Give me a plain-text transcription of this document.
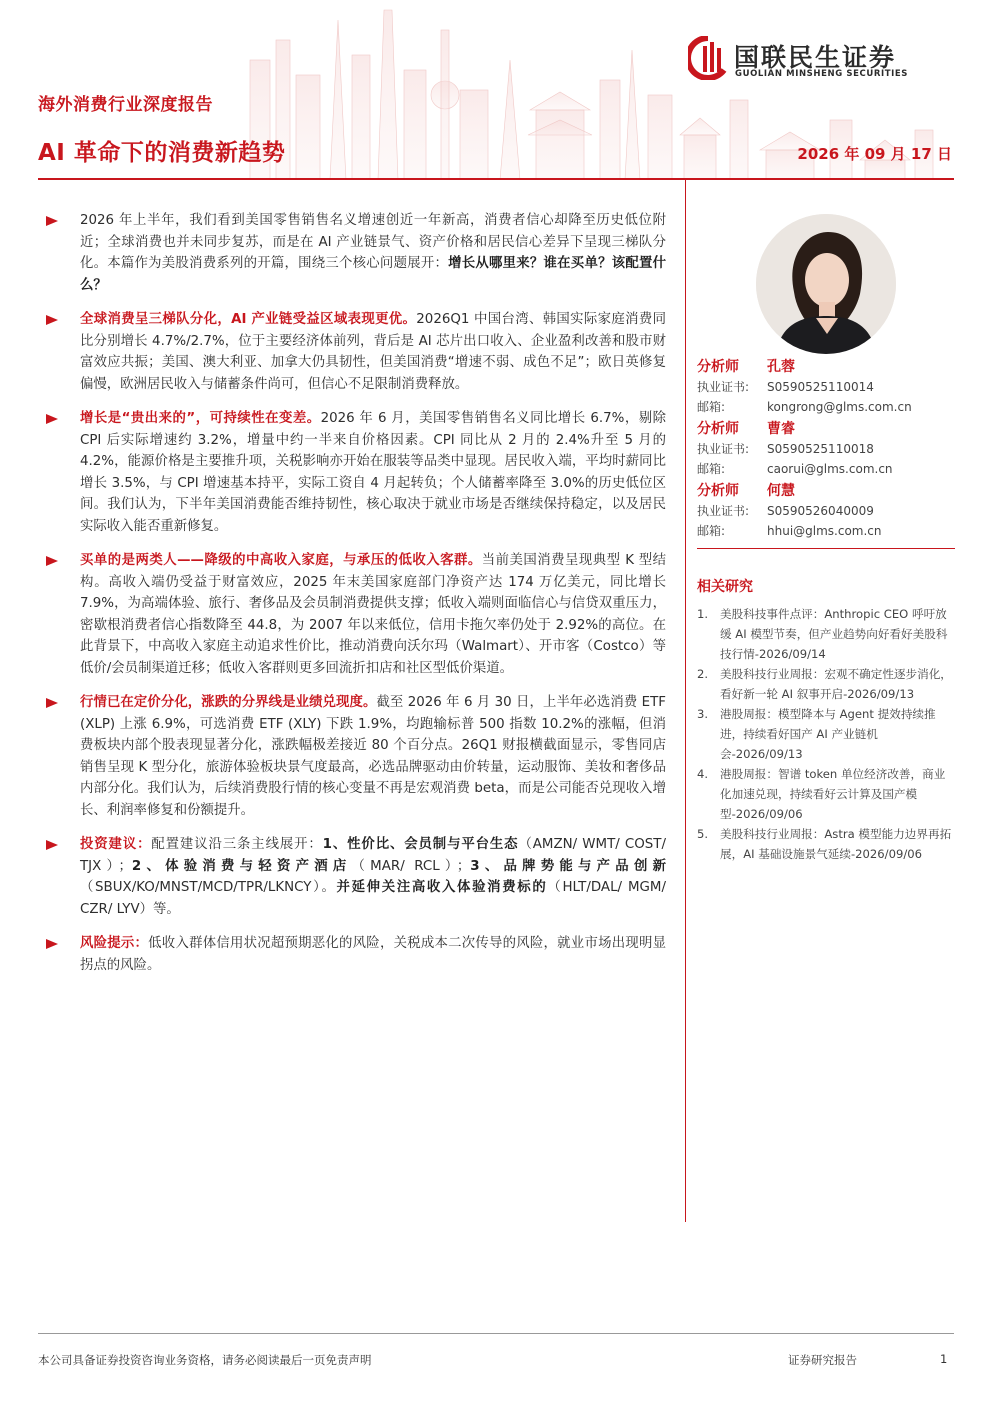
国联民生证券
GUOLIAN MINSHENG SECURITIES
海外消费行业深度报告
AI 革命下的消费新趋势	2026 年 09 月 17 日
2026 年上半年，我们看到美国零售销售名义增速创近一年新高，消费者信心却降至历史低位附近；全球消费也并未同步复苏，而是在 AI 产业链景气、资产价格和居民信心差异下呈现三梯队分化。本篇作为美股消费系列的开篇，围绕三个核心问题展开：增长从哪里来？谁在买单？该配置什么？
全球消费呈三梯队分化，AI 产业链受益区域表现更优。2026Q1 中国台湾、韩国实际家庭消费同比分别增长 4.7%/2.7%，位于主要经济体前列，背后是 AI 芯片出口收入、企业盈利改善和股市财富效应共振；美国、澳大利亚、加拿大仍具韧性，但美国消费“增速不弱、成色不足”；欧日英修复偏慢，欧洲居民收入与储蓄条件尚可，但信心不足限制消费释放。
增长是“贵出来的”，可持续性在变差。2026 年 6 月，美国零售销售名义同比增长 6.7%，剔除 CPI 后实际增速约 3.2%，增量中约一半来自价格因素。CPI 同比从 2 月的 2.4%升至 5 月的 4.2%，能源价格是主要推升项，关税影响亦开始在服装等品类中显现。居民收入端，平均时薪同比增长 3.5%，与 CPI 增速基本持平，实际工资自 4 月起转负；个人储蓄率降至 3.0%的历史低位区间。我们认为，下半年美国消费能否维持韧性，核心取决于就业市场是否继续保持稳定，以及居民实际收入能否重新修复。
买单的是两类人——降级的中高收入家庭，与承压的低收入客群。当前美国消费呈现典型 K 型结构。高收入端仍受益于财富效应，2025 年末美国家庭部门净资产达 174 万亿美元，同比增长 7.9%，为高端体验、旅行、奢侈品及会员制消费提供支撑；低收入端则面临信心与信贷双重压力，密歇根消费者信心指数降至 44.8，为 2007 年以来低位，信用卡拖欠率仍处于 2.92%的高位。在此背景下，中高收入家庭主动追求性价比，推动消费向沃尔玛（Walmart）、开市客（Costco）等低价/会员制渠道迁移；低收入客群则更多回流折扣店和社区型低价渠道。
行情已在定价分化，涨跌的分界线是业绩兑现度。截至 2026 年 6 月 30 日，上半年必选消费 ETF (XLP) 上涨 6.9%，可选消费 ETF (XLY) 下跌 1.9%，均跑输标普 500 指数 10.2%的涨幅，但消费板块内部个股表现显著分化，涨跌幅极差接近 80 个百分点。26Q1 财报横截面显示，零售同店销售呈现 K 型分化，旅游体验板块景气度最高，必选品牌驱动由价转量，运动服饰、美妆和奢侈品内部分化。我们认为，后续消费股行情的核心变量不再是宏观消费 beta，而是公司能否兑现收入增长、利润率修复和份额提升。
投资建议：配置建议沿三条主线展开：1、性价比、会员制与平台生态（AMZN/ WMT/ COST/ TJX）；2、体验消费与轻资产酒店（MAR/ RCL）；3、品牌势能与产品创新（SBUX/KO/MNST/MCD/TPR/LKNCY）。并延伸关注高收入体验消费标的（HLT/DAL/ MGM/ CZR/ LYV）等。
风险提示：低收入群体信用状况超预期恶化的风险，关税成本二次传导的风险，就业市场出现明显拐点的风险。
分析师	孔蓉
执业证书:	S0590525110014
邮箱:	kongrong@glms.com.cn
分析师	曹睿
执业证书:	S0590525110018
邮箱:	caorui@glms.com.cn
分析师	何慧
执业证书:	S0590526040009
邮箱:	hhui@glms.com.cn
相关研究
1. 美股科技事件点评：Anthropic CEO 呼吁放缓 AI 模型节奏，但产业趋势向好看好美股科技行情-2026/09/14
2. 美股科技行业周报：宏观不确定性逐步消化，看好新一轮 AI 叙事开启-2026/09/13
3. 港股周报：模型降本与 Agent 提效持续推进，持续看好国产 AI 产业链机会-2026/09/13
4. 港股周报：智谱 token 单位经济改善，商业化加速兑现，持续看好云计算及国产模型-2026/09/06
5. 美股科技行业周报：Astra 模型能力边界再拓展，AI 基础设施景气延续-2026/09/06
本公司具备证券投资咨询业务资格，请务必阅读最后一页免责声明	证券研究报告	1
